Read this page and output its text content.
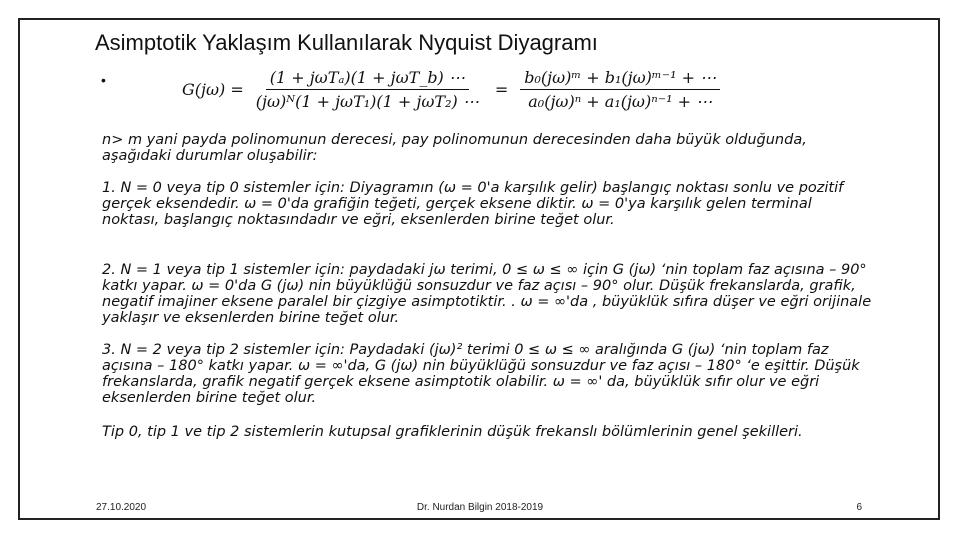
Asimptotik Yaklaşım Kullanılarak Nyquist Diyagramı
•	$G(j\omega) = \frac{\text{(1 + jωTₐ)(1 + jωT\_b) ⋯}}{\text{(jω)ᴺ(1 + jωT₁)(1 + jωT₂) ⋯}} = \frac{\text{b₀(jω)ᵐ + b₁(jω)ᵐ⁻¹ + ⋯}}{\text{a₀(jω)ⁿ + a₁(jω)ⁿ⁻¹ + ⋯}}$

n> m yani payda polinomunun derecesi, pay polinomunun derecesinden daha büyük olduğunda, aşağıdaki durumlar oluşabilir:

1. N = 0 veya tip 0 sistemler için: Diyagramın (ω = 0'a karşılık gelir) başlangıç noktası sonlu ve pozitif gerçek eksendedir. ω = 0'da grafiğin teğeti, gerçek eksene diktir. ω = 0'ya karşılık gelen terminal noktası, başlangıç noktasındadır ve eğri, eksenlerden birine teğet olur.

2. N = 1 veya tip 1 sistemler için: paydadaki jω terimi, 0 ≤ ω ≤ ∞ için G (jω) ‘nin toplam faz açısına – 90° katkı yapar. ω = 0'da G (jω) nin büyüklüğü sonsuzdur ve faz açısı – 90° olur. Düşük frekanslarda, grafik, negatif imajiner eksene paralel bir çizgiye asimptotiktir. . ω = ∞'da , büyüklük sıfıra düşer ve eğri orijinale yaklaşır ve eksenlerden birine teğet olur.

3. N = 2 veya tip 2 sistemler için: Paydadaki (jω)² terimi 0 ≤ ω ≤ ∞ aralığında G (jω) ‘nin toplam faz açısına – 180° katkı yapar. ω = ∞'da, G (jω) nin büyüklüğü sonsuzdur ve faz açısı – 180° ‘e eşittir. Düşük frekanslarda, grafik negatif gerçek eksene asimptotik olabilir. ω = ∞' da, büyüklük sıfır olur ve eğri eksenlerden birine teğet olur.

Tip 0, tip 1 ve tip 2 sistemlerin kutupsal grafiklerinin düşük frekanslı bölümlerinin genel şekilleri.

27.10.2020	Dr. Nurdan Bilgin 2018-2019	6
